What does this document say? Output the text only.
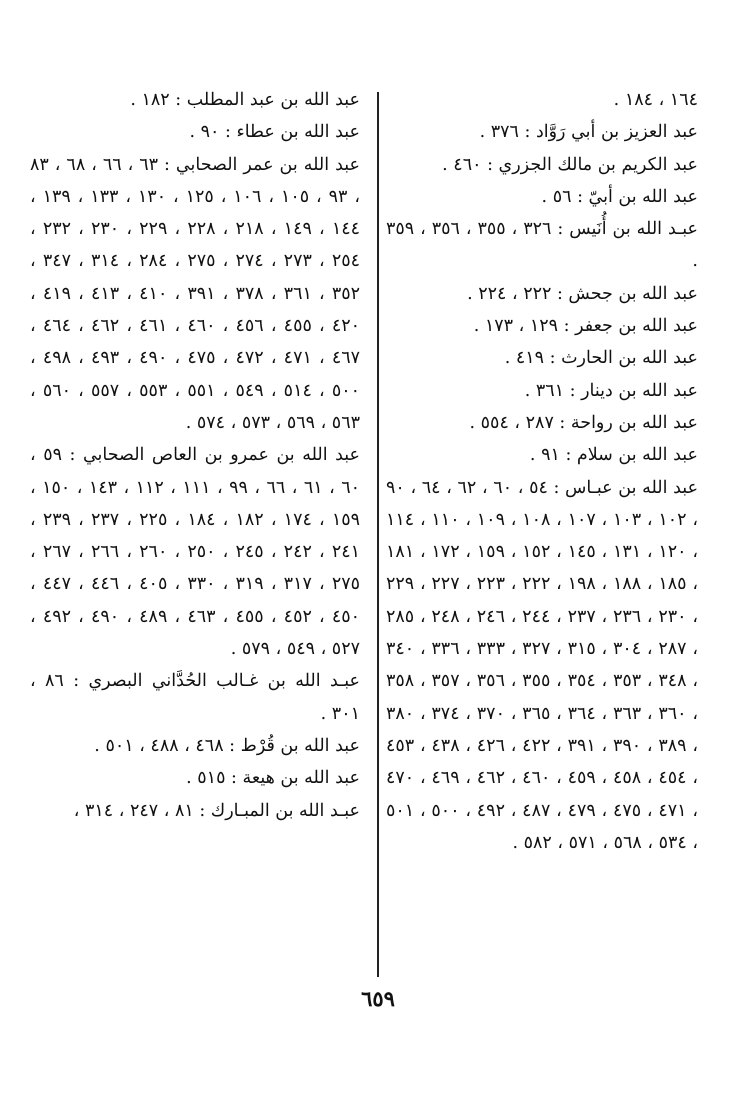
١٦٤ ، ١٨٤ .
عبد العزيز بن أبي رَوَّاد : ٣٧٦ .
عبد الكريم بن مالك الجزري : ٤٦٠ .
عبد الله بن أبيّ : ٥٦ .
عبـد الله بن أُنَيس : ٣٢٦ ، ٣٥٥ ، ٣٥٦ ، ٣٥٩ .
عبد الله بن جحش : ٢٢٢ ، ٢٢٤ .
عبد الله بن جعفر : ١٢٩ ، ١٧٣ .
عبد الله بن الحارث : ٤١٩ .
عبد الله بن دينار : ٣٦١ .
عبد الله بن رواحة : ٢٨٧ ، ٥٥٤ .
عبد الله بن سلام : ٩١ .
عبد الله بن عبـاس : ٥٤ ، ٦٠ ، ٦٢ ، ٦٤ ، ٩٠ ، ١٠٢ ، ١٠٣ ، ١٠٧ ، ١٠٨ ، ١٠٩ ، ١١٠ ، ١١٤ ، ١٢٠ ، ١٣١ ، ١٤٥ ، ١٥٢ ، ١٥٩ ، ١٧٢ ، ١٨١ ، ١٨٥ ، ١٨٨ ، ١٩٨ ، ٢٢٢ ، ٢٢٣ ، ٢٢٧ ، ٢٢٩ ، ٢٣٠ ، ٢٣٦ ، ٢٣٧ ، ٢٤٤ ، ٢٤٦ ، ٢٤٨ ، ٢٨٥ ، ٢٨٧ ، ٣٠٤ ، ٣١٥ ، ٣٢٧ ، ٣٣٣ ، ٣٣٦ ، ٣٤٠ ، ٣٤٨ ، ٣٥٣ ، ٣٥٤ ، ٣٥٥ ، ٣٥٦ ، ٣٥٧ ، ٣٥٨ ، ٣٦٠ ، ٣٦٣ ، ٣٦٤ ، ٣٦٥ ، ٣٧٠ ، ٣٧٤ ، ٣٨٠ ، ٣٨٩ ، ٣٩٠ ، ٣٩١ ، ٤٢٢ ، ٤٢٦ ، ٤٣٨ ، ٤٥٣ ، ٤٥٤ ، ٤٥٨ ، ٤٥٩ ، ٤٦٠ ، ٤٦٢ ، ٤٦٩ ، ٤٧٠ ، ٤٧١ ، ٤٧٥ ، ٤٧٩ ، ٤٨٧ ، ٤٩٢ ، ٥٠٠ ، ٥٠١ ، ٥٣٤ ، ٥٦٨ ، ٥٧١ ، ٥٨٢ .
عبد الله بن عبد المطلب : ١٨٢ .
عبد الله بن عطاء : ٩٠ .
عبد الله بن عمر الصحابي : ٦٣ ، ٦٦ ، ٦٨ ، ٨٣ ، ٩٣ ، ١٠٥ ، ١٠٦ ، ١٢٥ ، ١٣٠ ، ١٣٣ ، ١٣٩ ، ١٤٤ ، ١٤٩ ، ٢١٨ ، ٢٢٨ ، ٢٢٩ ، ٢٣٠ ، ٢٣٢ ، ٢٥٤ ، ٢٧٣ ، ٢٧٤ ، ٢٧٥ ، ٢٨٤ ، ٣١٤ ، ٣٤٧ ، ٣٥٢ ، ٣٦١ ، ٣٧٨ ، ٣٩١ ، ٤١٠ ، ٤١٣ ، ٤١٩ ، ٤٢٠ ، ٤٥٥ ، ٤٥٦ ، ٤٦٠ ، ٤٦١ ، ٤٦٢ ، ٤٦٤ ، ٤٦٧ ، ٤٧١ ، ٤٧٢ ، ٤٧٥ ، ٤٩٠ ، ٤٩٣ ، ٤٩٨ ، ٥٠٠ ، ٥١٤ ، ٥٤٩ ، ٥٥١ ، ٥٥٣ ، ٥٥٧ ، ٥٦٠ ، ٥٦٣ ، ٥٦٩ ، ٥٧٣ ، ٥٧٤ .
عبد الله بن عمرو بن العاص الصحابي : ٥٩ ، ٦٠ ، ٦١ ، ٦٦ ، ٩٩ ، ١١١ ، ١١٢ ، ١٤٣ ، ١٥٠ ، ١٥٩ ، ١٧٤ ، ١٨٢ ، ١٨٤ ، ٢٢٥ ، ٢٣٧ ، ٢٣٩ ، ٢٤١ ، ٢٤٢ ، ٢٤٥ ، ٢٥٠ ، ٢٦٠ ، ٢٦٦ ، ٢٦٧ ، ٢٧٥ ، ٣١٧ ، ٣١٩ ، ٣٣٠ ، ٤٠٥ ، ٤٤٦ ، ٤٤٧ ، ٤٥٠ ، ٤٥٢ ، ٤٥٥ ، ٤٦٣ ، ٤٨٩ ، ٤٩٠ ، ٤٩٢ ، ٥٢٧ ، ٥٤٩ ، ٥٧٩ .
عبـد الله بن غـالب الحُدَّاني البصري : ٨٦ ، ٣٠١ .
عبد الله بن قُرْط : ٤٦٨ ، ٤٨٨ ، ٥٠١ .
عبد الله بن هيعة : ٥١٥ .
عبـد الله بن المبـارك : ٨١ ، ٢٤٧ ، ٣١٤ ،
٦٥٩
